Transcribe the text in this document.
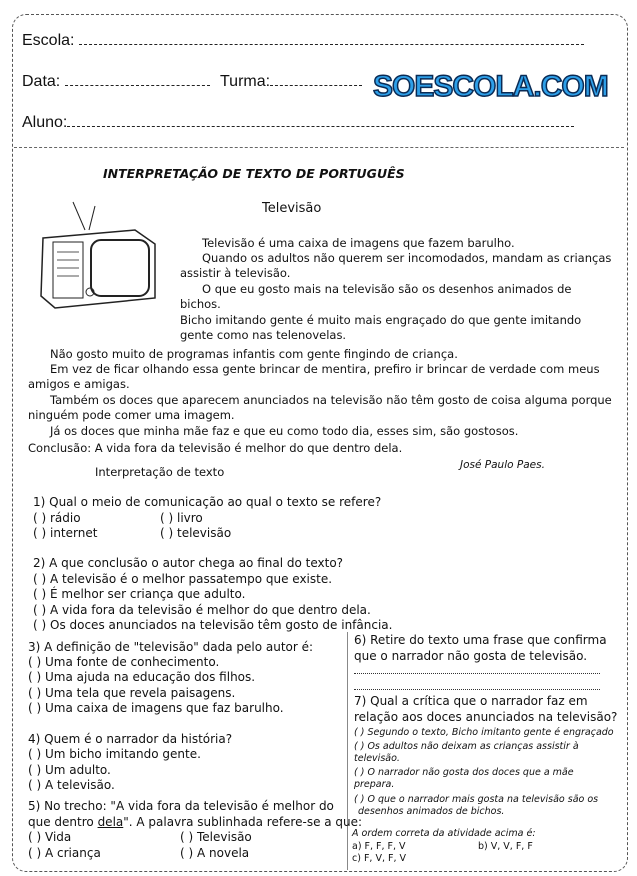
Escola:
Data:	Turma:	SOESCOLA.COM
Aluno:
INTERPRETAÇÃO DE TEXTO DE PORTUGUÊS
Televisão
Televisão é uma caixa de imagens que fazem barulho.
Quando os adultos não querem ser incomodados, mandam as crianças
assistir à televisão.
O que eu gosto mais na televisão são os desenhos animados de
bichos.
Bicho imitando gente é muito mais engraçado do que gente imitando
gente como nas telenovelas.
Não gosto muito de programas infantis com gente fingindo de criança.
Em vez de ficar olhando essa gente brincar de mentira, prefiro ir brincar de verdade com meus
amigos e amigas.
Também os doces que aparecem anunciados na televisão não têm gosto de coisa alguma porque
ninguém pode comer uma imagem.
Já os doces que minha mãe faz e que eu como todo dia, esses sim, são gostosos.
Conclusão: A vida fora da televisão é melhor do que dentro dela.
José Paulo Paes.
Interpretação de texto
1) Qual o meio de comunicação ao qual o texto se refere?
( ) rádio	( ) livro
( ) internet	( ) televisão
2) A que conclusão o autor chega ao final do texto?
( ) A televisão é o melhor passatempo que existe.
( ) É melhor ser criança que adulto.
( ) A vida fora da televisão é melhor do que dentro dela.
( ) Os doces anunciados na televisão têm gosto de infância.
3) A definição de "televisão" dada pelo autor é:
( ) Uma fonte de conhecimento.
( ) Uma ajuda na educação dos filhos.
( ) Uma tela que revela paisagens.
( ) Uma caixa de imagens que faz barulho.
4) Quem é o narrador da história?
( ) Um bicho imitando gente.
( ) Um adulto.
( ) A televisão.
5) No trecho: "A vida fora da televisão é melhor do
que dentro dela". A palavra sublinhada refere-se a que:
( ) Vida	( ) Televisão
( ) A criança	( ) A novela
6) Retire do texto uma frase que confirma
que o narrador não gosta de televisão.
7) Qual a crítica que o narrador faz em
relação aos doces anunciados na televisão?
( ) Segundo o texto, Bicho imitanto gente é engraçado
( ) Os adultos não deixam as crianças assistir à
televisão.
( ) O narrador não gosta dos doces que a mãe
prepara.
( ) O que o narrador mais gosta na televisão são os
desenhos animados de bichos.
A ordem correta da atividade acima é:
a) F, F, F, V	b) V, V, F, F
c) F, V, F, V
